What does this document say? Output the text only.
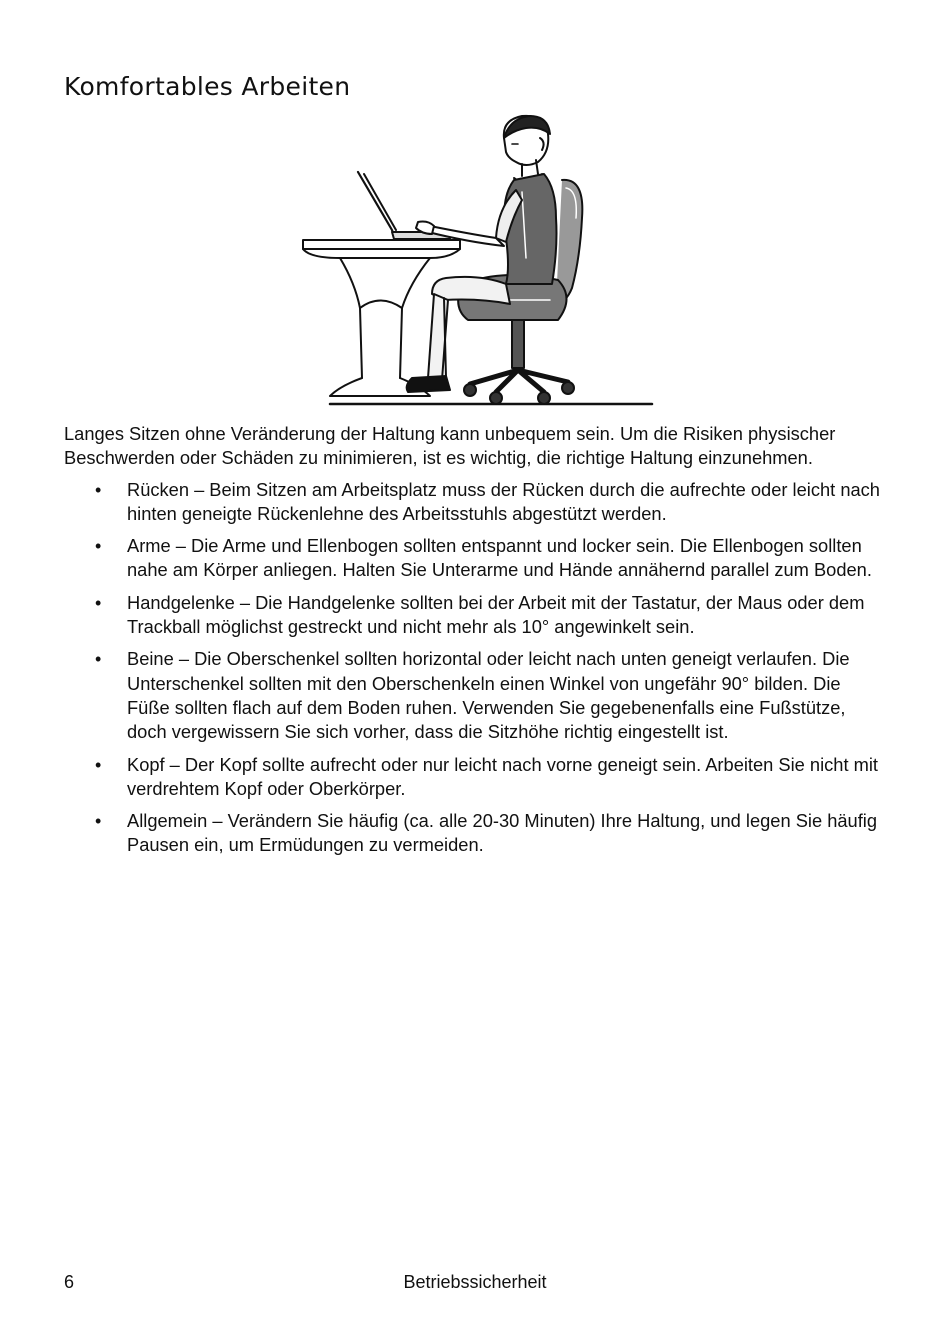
Komfortables Arbeiten

Langes Sitzen ohne Veränderung der Haltung kann unbequem sein. Um die Risiken physischer Beschwerden oder Schäden zu minimieren, ist es wichtig, die richtige Haltung einzunehmen.

• Rücken – Beim Sitzen am Arbeitsplatz muss der Rücken durch die aufrechte oder leicht nach hinten geneigte Rückenlehne des Arbeitsstuhls abgestützt werden.
• Arme – Die Arme und Ellenbogen sollten entspannt und locker sein. Die Ellenbogen sollten nahe am Körper anliegen. Halten Sie Unterarme und Hände annähernd parallel zum Boden.
• Handgelenke – Die Handgelenke sollten bei der Arbeit mit der Tastatur, der Maus oder dem Trackball möglichst gestreckt und nicht mehr als 10° angewinkelt sein.
• Beine – Die Oberschenkel sollten horizontal oder leicht nach unten geneigt verlaufen. Die Unterschenkel sollten mit den Oberschenkeln einen Winkel von ungefähr 90° bilden. Die Füße sollten flach auf dem Boden ruhen. Verwenden Sie gegebenenfalls eine Fußstütze, doch vergewissern Sie sich vorher, dass die Sitzhöhe richtig eingestellt ist.
• Kopf – Der Kopf sollte aufrecht oder nur leicht nach vorne geneigt sein. Arbeiten Sie nicht mit verdrehtem Kopf oder Oberkörper.
• Allgemein – Verändern Sie häufig (ca. alle 20-30 Minuten) Ihre Haltung, und legen Sie häufig Pausen ein, um Ermüdungen zu vermeiden.
6	Betriebssicherheit
